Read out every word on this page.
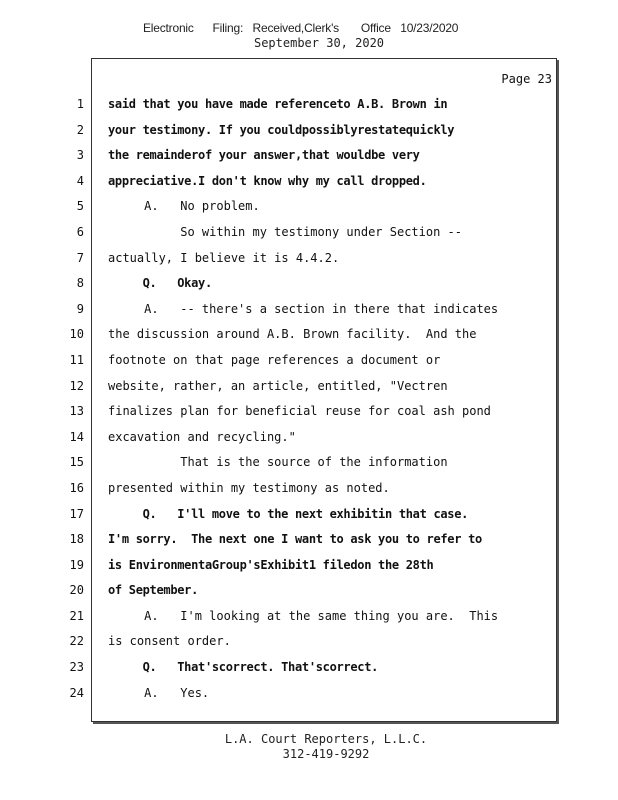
Electronic      Filing:   Received,Clerk's       Office   10/23/2020
September 30, 2020
Page 23
1
2
3
4
5
6
7
8
9
10
11
12
13
14
15
16
17
18
19
20
21
22
23
24
said that you have made referenceto A.B. Brown in
your testimony. If you couldpossiblyrestatequickly
the remainderof your answer,that wouldbe very
appreciative.I don't know why my call dropped.
A.   No problem.
So within my testimony under Section --
actually, I believe it is 4.4.2.
Q.   Okay.
A.   -- there's a section in there that indicates
the discussion around A.B. Brown facility.  And the
footnote on that page references a document or
website, rather, an article, entitled, "Vectren
finalizes plan for beneficial reuse for coal ash pond
excavation and recycling."
That is the source of the information
presented within my testimony as noted.
Q.   I'll move to the next exhibitin that case.
I'm sorry.  The next one I want to ask you to refer to
is EnvironmentaGroup'sExhibit1 filedon the 28th
of September.
A.   I'm looking at the same thing you are.  This
is consent order.
Q.   That'scorrect. That'scorrect.
A.   Yes.
L.A. Court Reporters, L.L.C.
312-419-9292
